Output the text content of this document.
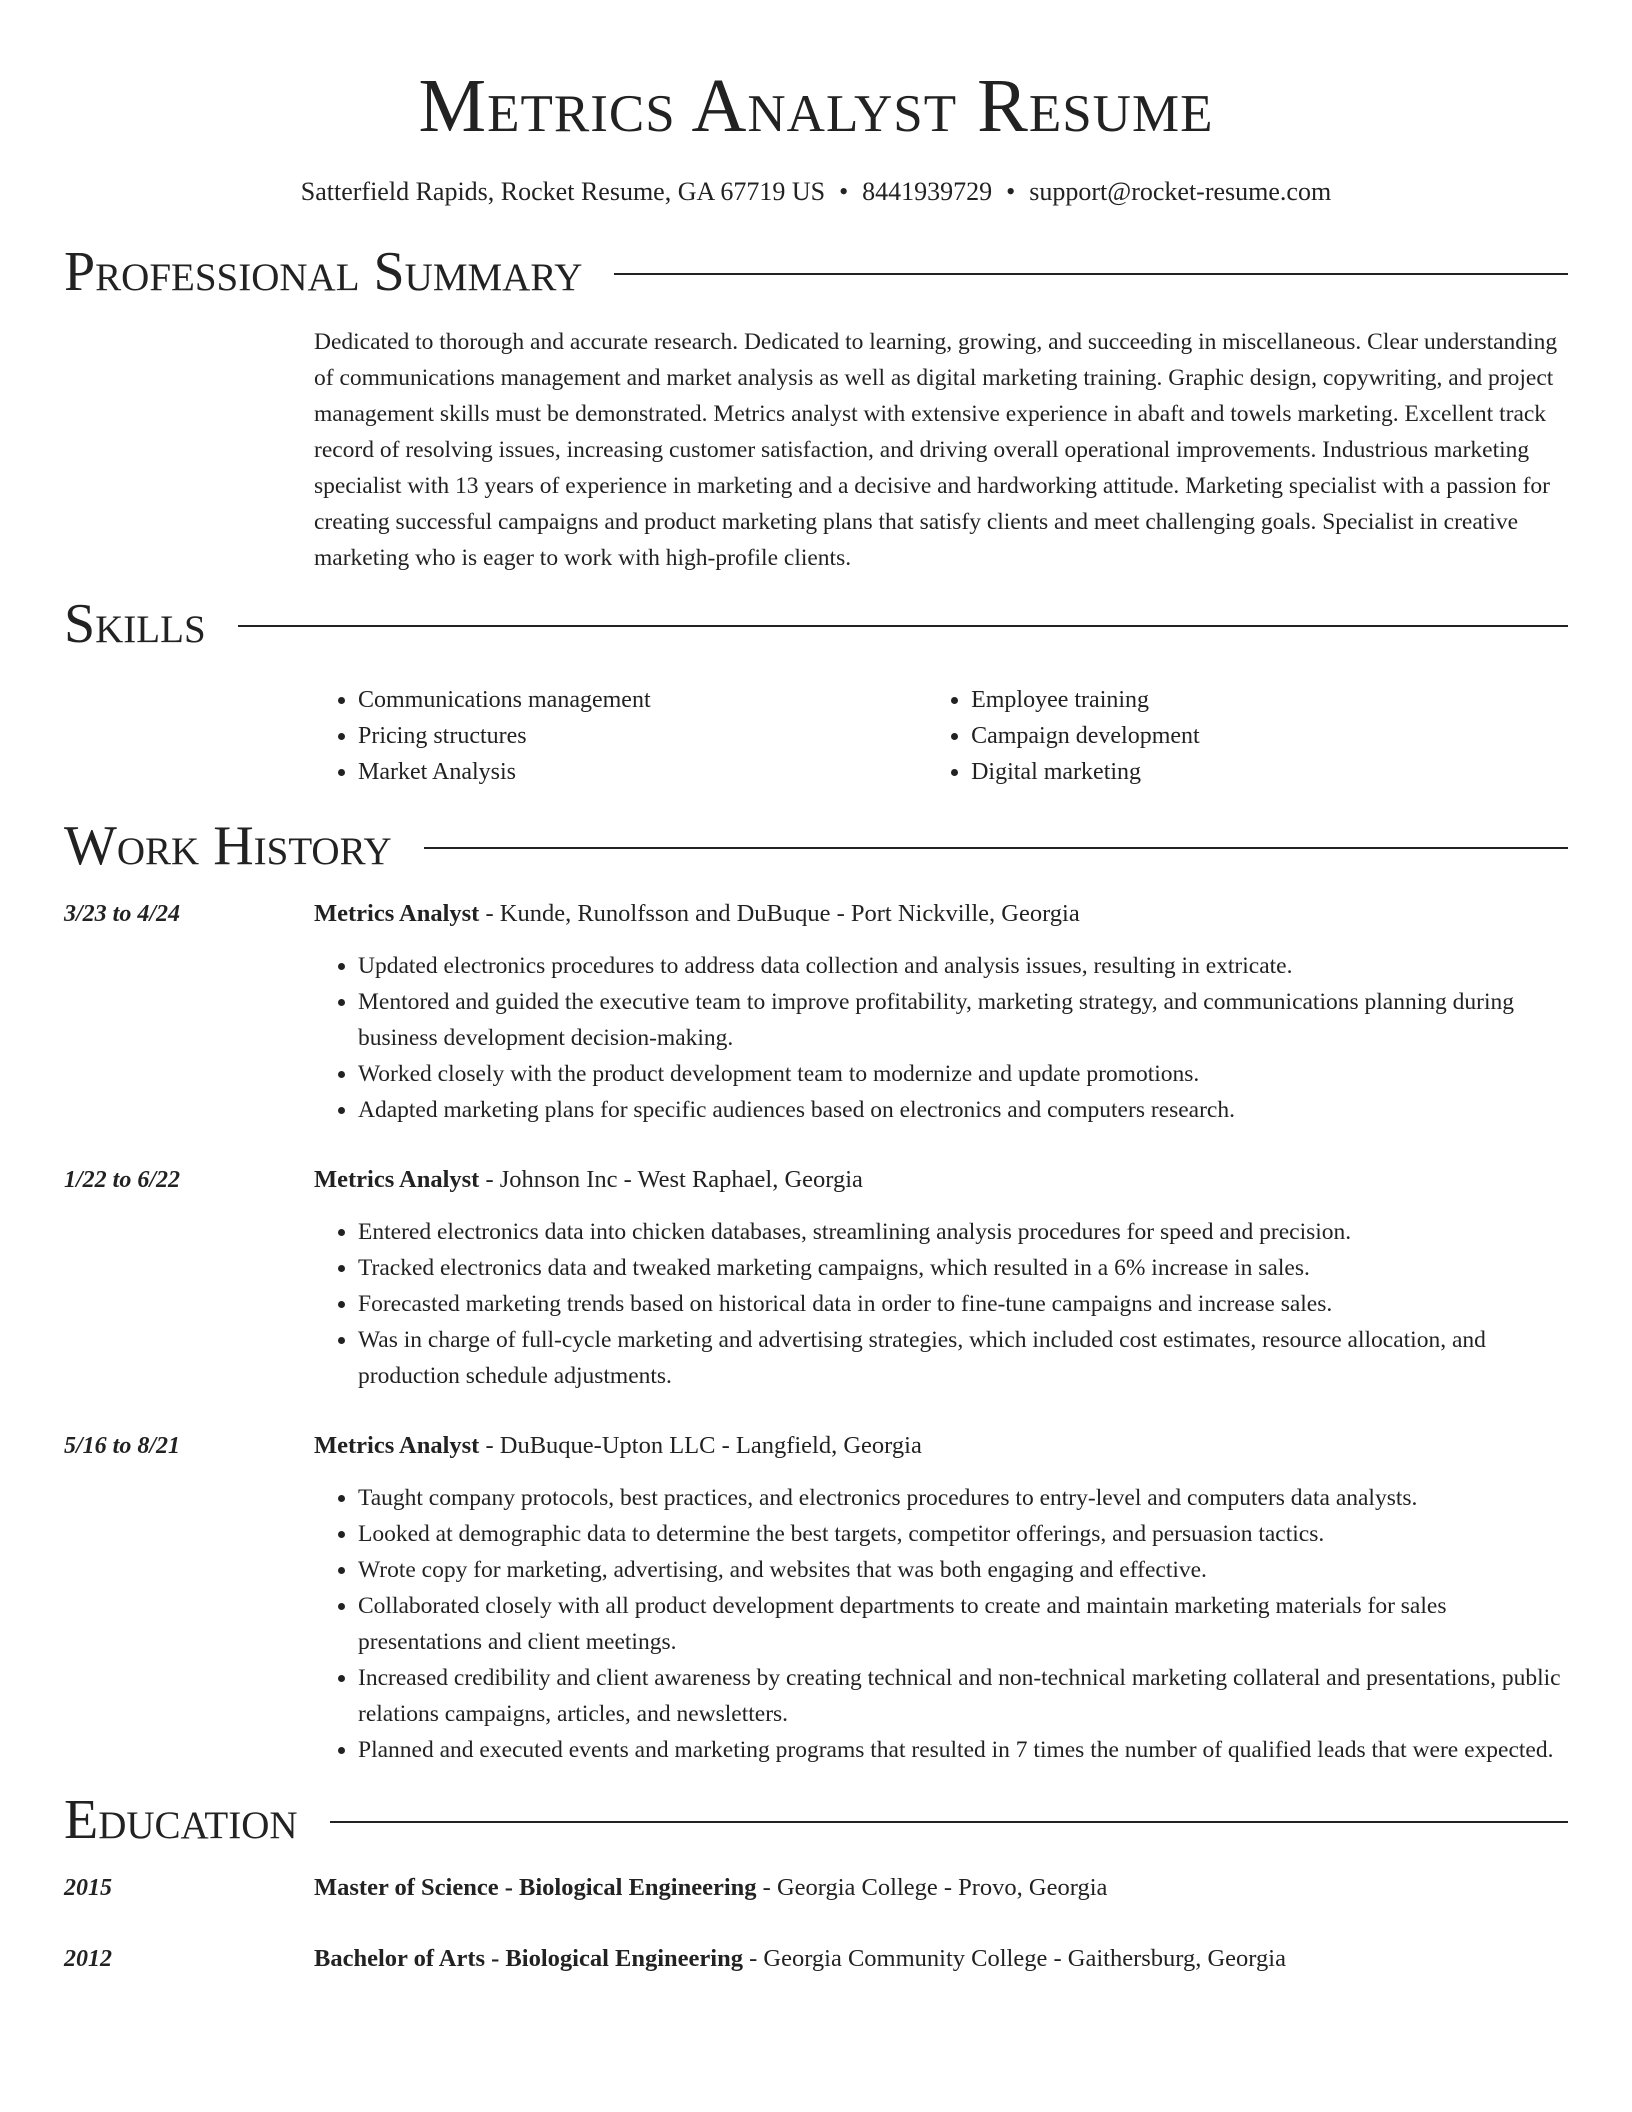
Metrics Analyst Resume
Satterfield Rapids, Rocket Resume, GA 67719 US • 8441939729 • support@rocket-resume.com
Professional Summary
Dedicated to thorough and accurate research. Dedicated to learning, growing, and succeeding in miscellaneous. Clear understanding of communications management and market analysis as well as digital marketing training. Graphic design, copywriting, and project management skills must be demonstrated. Metrics analyst with extensive experience in abaft and towels marketing. Excellent track record of resolving issues, increasing customer satisfaction, and driving overall operational improvements. Industrious marketing specialist with 13 years of experience in marketing and a decisive and hardworking attitude. Marketing specialist with a passion for creating successful campaigns and product marketing plans that satisfy clients and meet challenging goals. Specialist in creative marketing who is eager to work with high-profile clients.
Skills
• Communications management
• Pricing structures
• Market Analysis
• Employee training
• Campaign development
• Digital marketing
Work History
3/23 to 4/24	Metrics Analyst - Kunde, Runolfsson and DuBuque - Port Nickville, Georgia
• Updated electronics procedures to address data collection and analysis issues, resulting in extricate.
• Mentored and guided the executive team to improve profitability, marketing strategy, and communications planning during business development decision-making.
• Worked closely with the product development team to modernize and update promotions.
• Adapted marketing plans for specific audiences based on electronics and computers research.
1/22 to 6/22	Metrics Analyst - Johnson Inc - West Raphael, Georgia
• Entered electronics data into chicken databases, streamlining analysis procedures for speed and precision.
• Tracked electronics data and tweaked marketing campaigns, which resulted in a 6% increase in sales.
• Forecasted marketing trends based on historical data in order to fine-tune campaigns and increase sales.
• Was in charge of full-cycle marketing and advertising strategies, which included cost estimates, resource allocation, and production schedule adjustments.
5/16 to 8/21	Metrics Analyst - DuBuque-Upton LLC - Langfield, Georgia
• Taught company protocols, best practices, and electronics procedures to entry-level and computers data analysts.
• Looked at demographic data to determine the best targets, competitor offerings, and persuasion tactics.
• Wrote copy for marketing, advertising, and websites that was both engaging and effective.
• Collaborated closely with all product development departments to create and maintain marketing materials for sales presentations and client meetings.
• Increased credibility and client awareness by creating technical and non-technical marketing collateral and presentations, public relations campaigns, articles, and newsletters.
• Planned and executed events and marketing programs that resulted in 7 times the number of qualified leads that were expected.
Education
2015	Master of Science - Biological Engineering - Georgia College - Provo, Georgia
2012	Bachelor of Arts - Biological Engineering - Georgia Community College - Gaithersburg, Georgia
